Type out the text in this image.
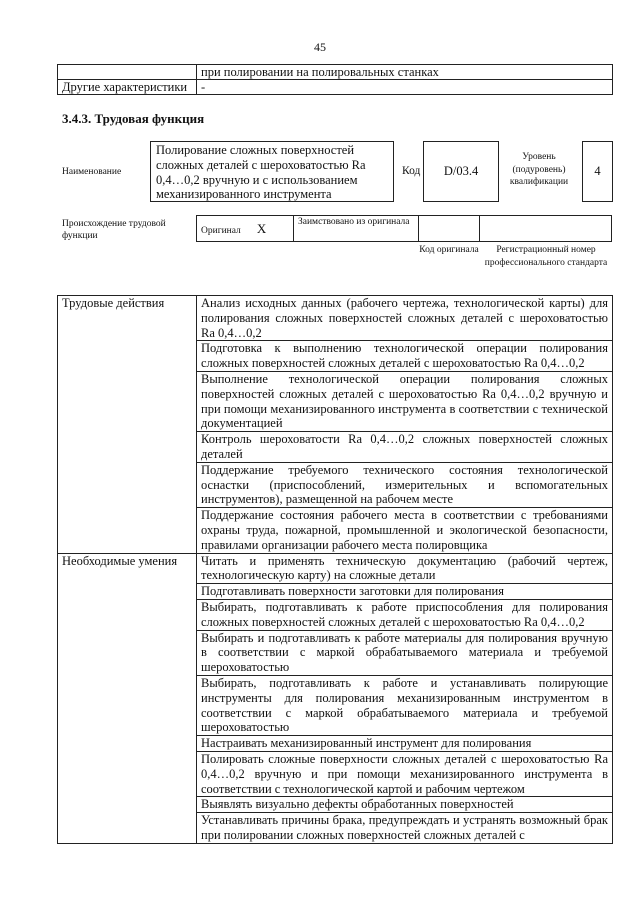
45
	при полировании на полировальных станках
Другие характеристики	-
3.4.3. Трудовая функция
Наименование
Полирование сложных поверхностей сложных деталей с шероховатостью Ra 0,4…0,2 вручную и с использованием механизированного инструмента
Код	D/03.4
Уровень (подуровень) квалификации
4
Происхождение трудовой функции
Оригинал X	Заимствовано из оригинала		
Код оригинала	Регистрационный номер профессионального стандарта
Трудовые действия	Анализ исходных данных (рабочего чертежа, технологической карты) для полирования сложных поверхностей сложных деталей с шероховатостью Ra 0,4…0,2
	Подготовка к выполнению технологической операции полирования сложных поверхностей сложных деталей с шероховатостью Ra 0,4…0,2
	Выполнение технологической операции полирования сложных поверхностей сложных деталей с шероховатостью Ra 0,4…0,2 вручную и при помощи механизированного инструмента в соответствии с технической документацией
	Контроль шероховатости Ra 0,4…0,2 сложных поверхностей сложных деталей
	Поддержание требуемого технического состояния технологической оснастки (приспособлений, измерительных и вспомогательных инструментов), размещенной на рабочем месте
	Поддержание состояния рабочего места в соответствии с требованиями охраны труда, пожарной, промышленной и экологической безопасности, правилами организации рабочего места полировщика
Необходимые умения	Читать и применять техническую документацию (рабочий чертеж, технологическую карту) на сложные детали
	Подготавливать поверхности заготовки для полирования
	Выбирать, подготавливать к работе приспособления для полирования сложных поверхностей сложных деталей с шероховатостью Ra 0,4…0,2
	Выбирать и подготавливать к работе материалы для полирования вручную в соответствии с маркой обрабатываемого материала и требуемой шероховатостью
	Выбирать, подготавливать к работе и устанавливать полирующие инструменты для полирования механизированным инструментом в соответствии с маркой обрабатываемого материала и требуемой шероховатостью
	Настраивать механизированный инструмент для полирования
	Полировать сложные поверхности сложных деталей с шероховатостью Ra 0,4…0,2 вручную и при помощи механизированного инструмента в соответствии с технологической картой и рабочим чертежом
	Выявлять визуально дефекты обработанных поверхностей
	Устанавливать причины брака, предупреждать и устранять возможный брак при полировании сложных поверхностей сложных деталей с
